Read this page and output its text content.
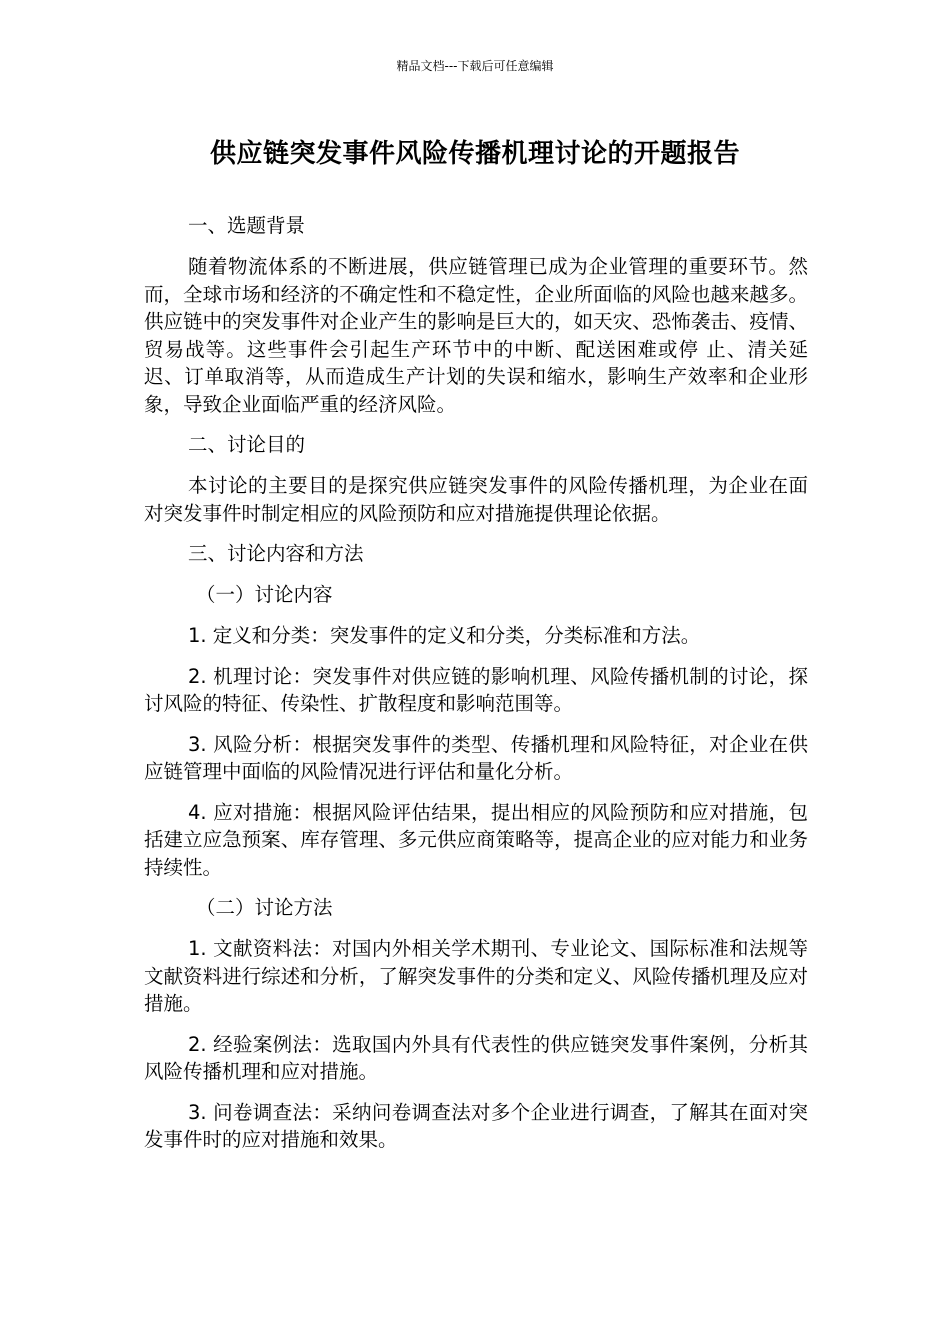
精品文档---下载后可任意编辑
供应链突发事件风险传播机理讨论的开题报告
一、选题背景

随着物流体系的不断进展，供应链管理已成为企业管理的重要环节。然而，全球市场和经济的不确定性和不稳定性，企业所面临的风险也越来越多。供应链中的突发事件对企业产生的影响是巨大的，如天灾、恐怖袭击、疫情、贸易战等。这些事件会引起生产环节中的中断、配送困难或停 止、清关延迟、订单取消等，从而造成生产计划的失误和缩水，影响生产效率和企业形象，导致企业面临严重的经济风险。

二、讨论目的

本讨论的主要目的是探究供应链突发事件的风险传播机理，为企业在面对突发事件时制定相应的风险预防和应对措施提供理论依据。

三、讨论内容和方法
（一）讨论内容

1. 定义和分类：突发事件的定义和分类，分类标准和方法。

2. 机理讨论：突发事件对供应链的影响机理、风险传播机制的讨论，探讨风险的特征、传染性、扩散程度和影响范围等。

3. 风险分析：根据突发事件的类型、传播机理和风险特征，对企业在供应链管理中面临的风险情况进行评估和量化分析。

4. 应对措施：根据风险评估结果，提出相应的风险预防和应对措施，包括建立应急预案、库存管理、多元供应商策略等，提高企业的应对能力和业务持续性。

（二）讨论方法

1. 文献资料法：对国内外相关学术期刊、专业论文、国际标准和法规等文献资料进行综述和分析，了解突发事件的分类和定义、风险传播机理及应对措施。

2. 经验案例法：选取国内外具有代表性的供应链突发事件案例，分析其风险传播机理和应对措施。

3. 问卷调查法：采纳问卷调查法对多个企业进行调查，了解其在面对突发事件时的应对措施和效果。
